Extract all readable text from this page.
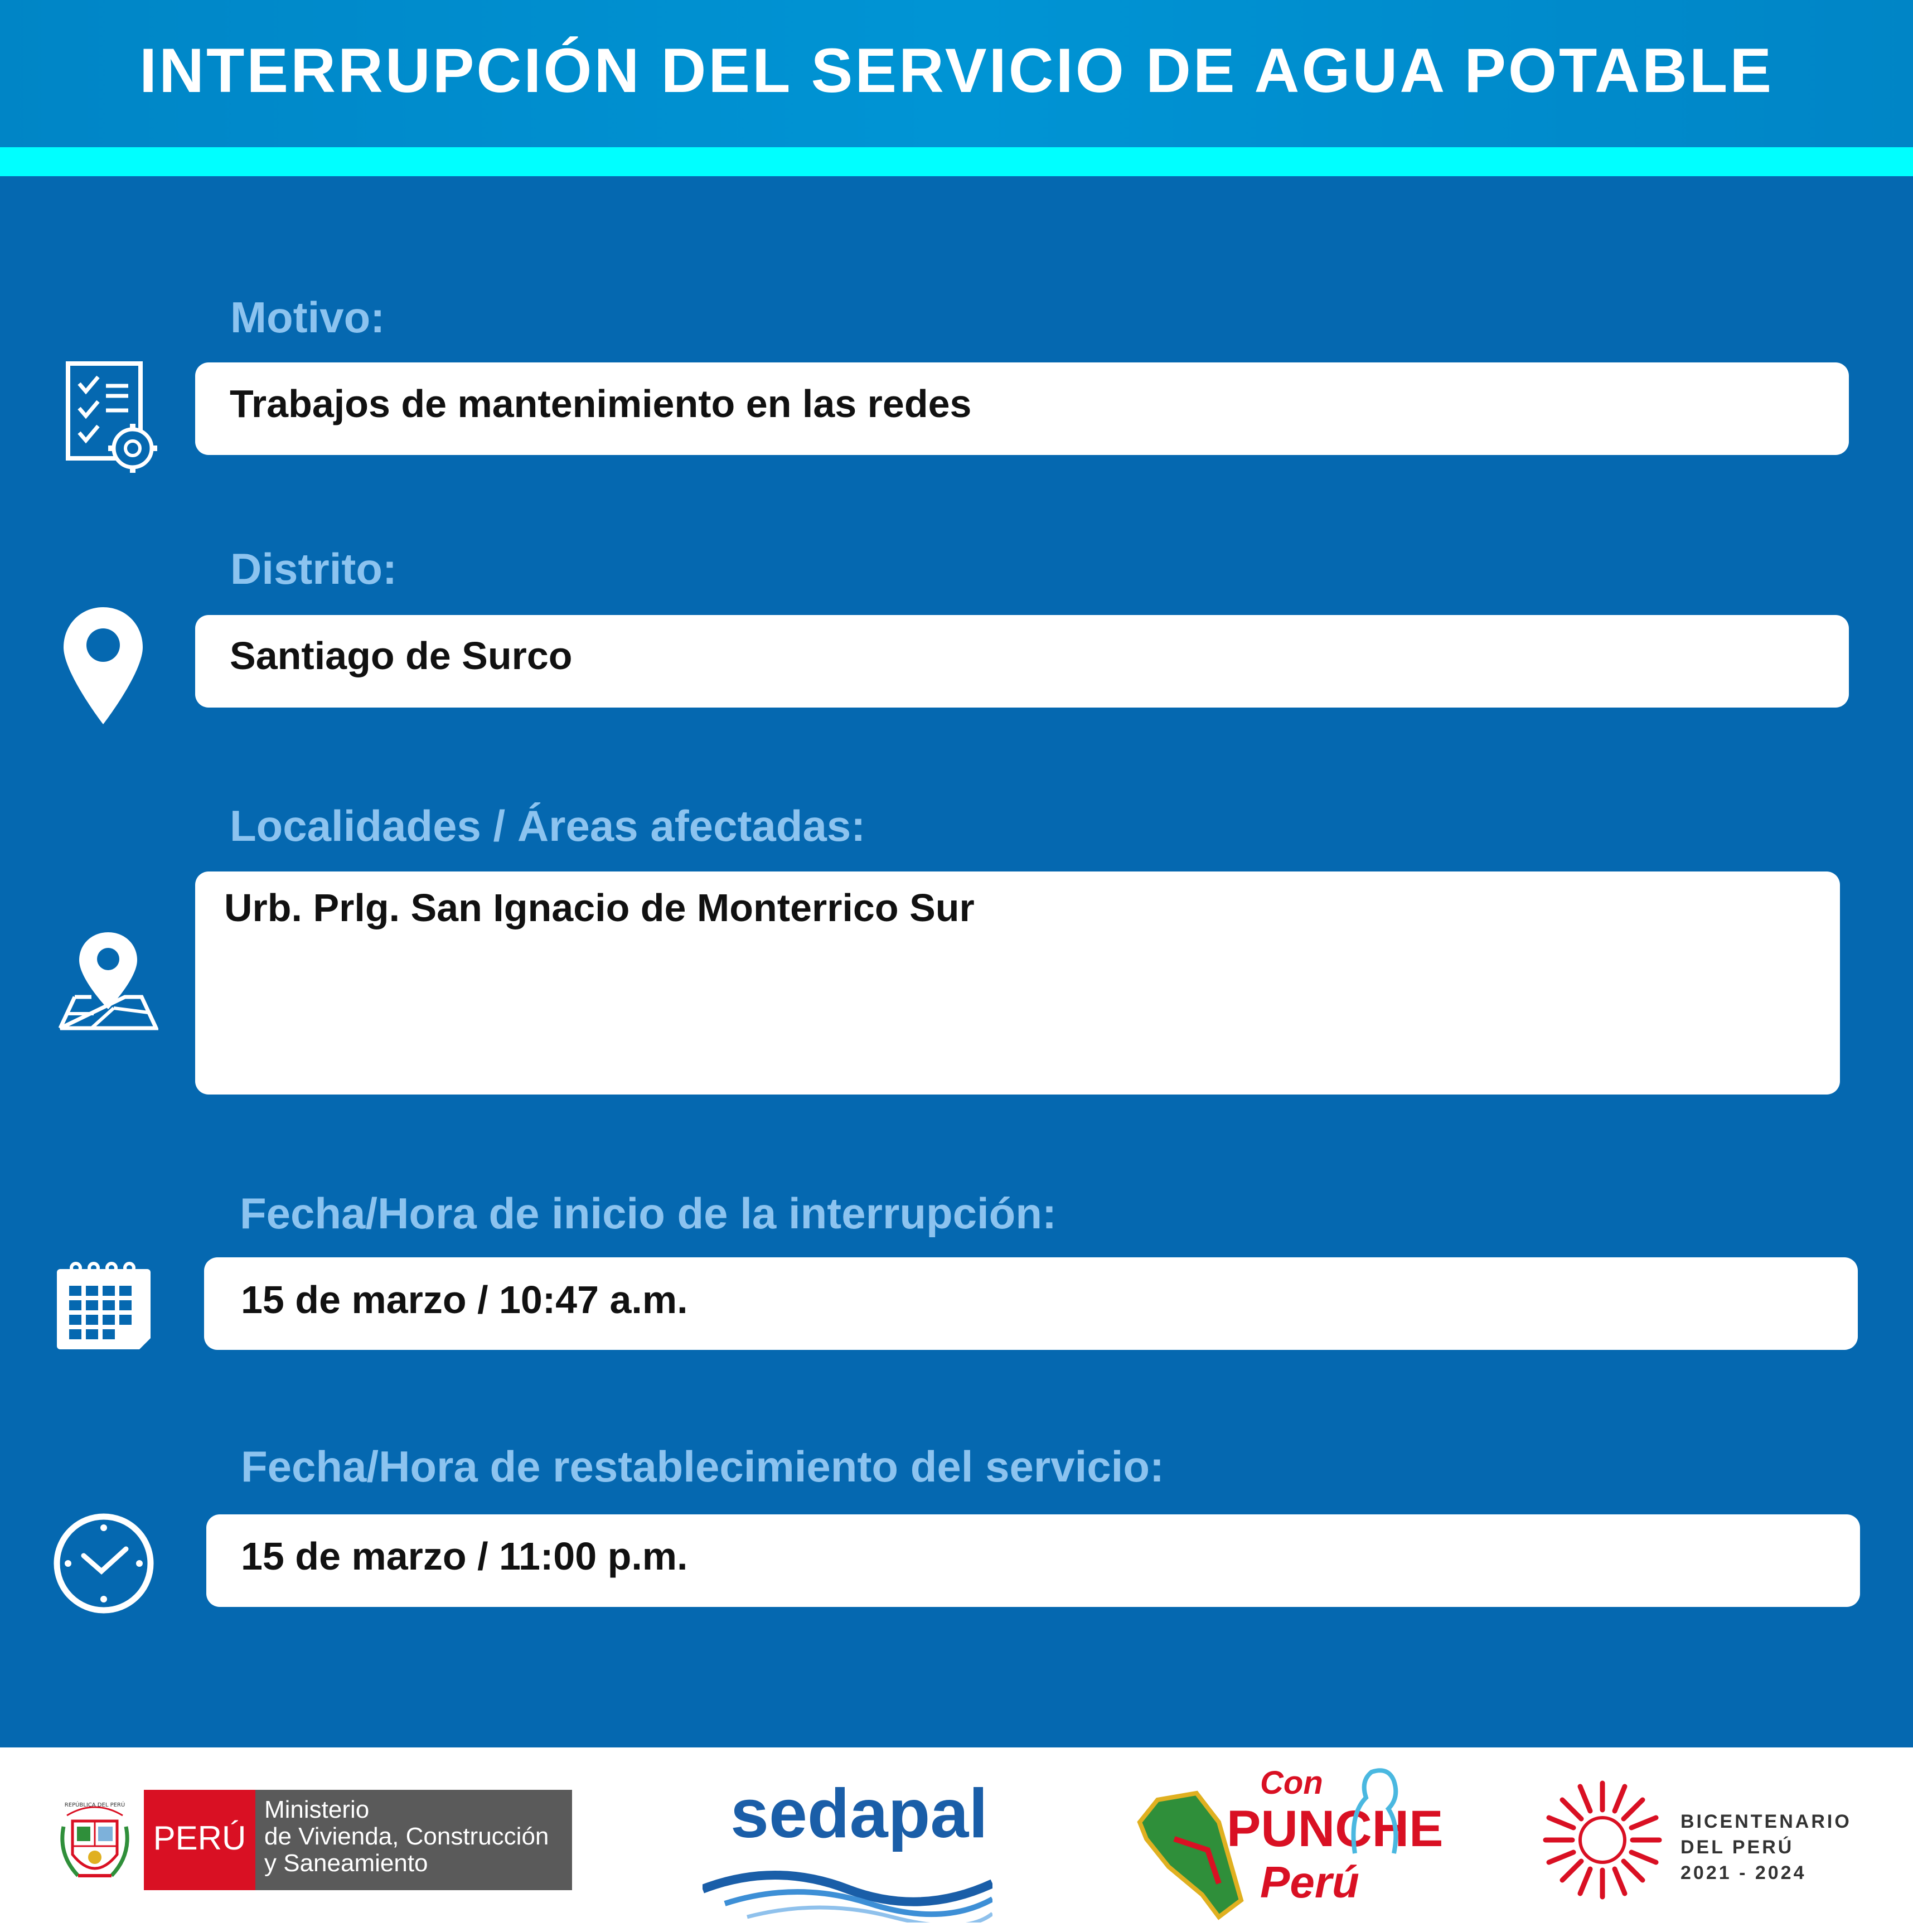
INTERRUPCIÓN DEL SERVICIO DE AGUA POTABLE
Motivo:
Trabajos de mantenimiento en las redes
Distrito:
Santiago de Surco
Localidades / Áreas afectadas:
Urb. Prlg. San Ignacio de Monterrico Sur
Fecha/Hora de inicio de la interrupción:
15 de marzo / 10:47 a.m.
Fecha/Hora de restablecimiento del servicio:
15 de marzo / 11:00 p.m.
REPÚBLICA DEL PERÚ
PERÚ
Ministerio
de Vivienda, Construcción
y Saneamiento
sedapal	Con
PUNCHE
Perú
BICENTENARIO
DEL PERÚ
2021 - 2024
